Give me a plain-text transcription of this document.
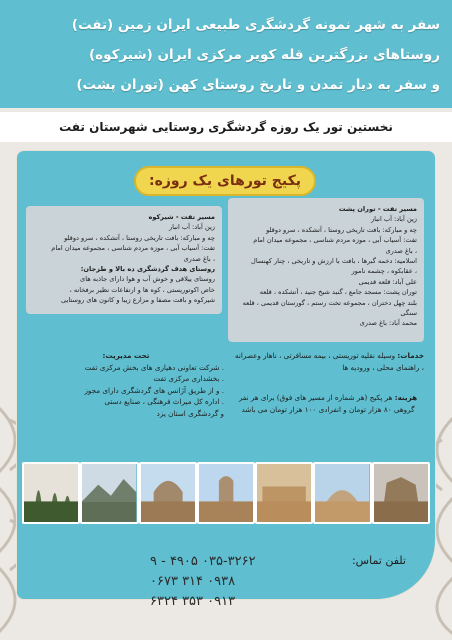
سفر به شهر نمونه گردشگری طبیعی ایران زمین (تفت)
روستاهای بزرگترین قله کویر مرکزی ایران (شیرکوه)
و سفر به دیار تمدن و تاریخ روستای کهن (توران پشت)
نخستین تور یک روزه گردشگری روستایی شهرستان تفت
پکیج تورهای یک روزه:

مسیر تفت - توران پشت

زین آباد: آب انبار

چه و مبارکه: بافت تاریخی روستا ، آتشکده ، سرو دوقلو

تفت: آسیاب آبی ، موزه مردم شناسی ، مجموعه میدان امام

، باغ صدری

اسلامیه: دخمه گبرها ، بافت با ارزش و تاریخی ، چنار کهنسال

، عقابکوه ، چشمه نامور

علی آباد: قلعه قدیمی

توران پشت: مسجد جامع ، گنبد شیخ جنید ، آتشکده ، قلعه

بلند چهل دختران ، مجموعه تخت رستم ، گورستان قدیمی ، قلعه سنگی

محمد آباد: باغ صدری

مسیر تفت - شیرکوه

زین آباد: آب انبار

چه و مبارکه: بافت تاریخی روستا ، آتشکده ، سرو دوقلو

تفت: آسیاب آبی ، موزه مردم شناسی ، مجموعه میدان امام

، باغ صدری

روستای هدف گردشگری ده بالا و طزجان:

روستای ییلاقی و خوش آب و هوا دارای جاذبه های

خاص اکوتوریستی ، کوه ها و ارتفاعات نظیر برفخانه ،

شیرکوه و بافت مصفا و مزارع زیبا و کانون های روستایی

خدمات: وسیله نقلیه توریستی ، بیمه مسافرتی ، ناهار وعصرانه ، راهنمای محلی ، ورودیه ها
هزینه: هر پکیج (هر شماره از مسیر های فوق) برای هر نفر گروهی ۸۰ هزار تومان و انفرادی ۱۰۰ هزار تومان می باشد

تحت مدیریت:

. شرکت تعاونی دهیاری های بخش مرکزی تفت

. بخشداری مرکزی تفت

. و از طریق آژانس های گردشگری دارای مجوز

. اداره کل میراث فرهنگی ، صنایع دستی

و گردشگری استان یزد

تلفن تماس:
۰۳۵-۳۲۶۲ ۴۹۰۵ - ۹
۰۹۳۸ ۳۱۴ ۰۶۷۳
۰۹۱۳ ۳۵۳ ۶۳۲۴
